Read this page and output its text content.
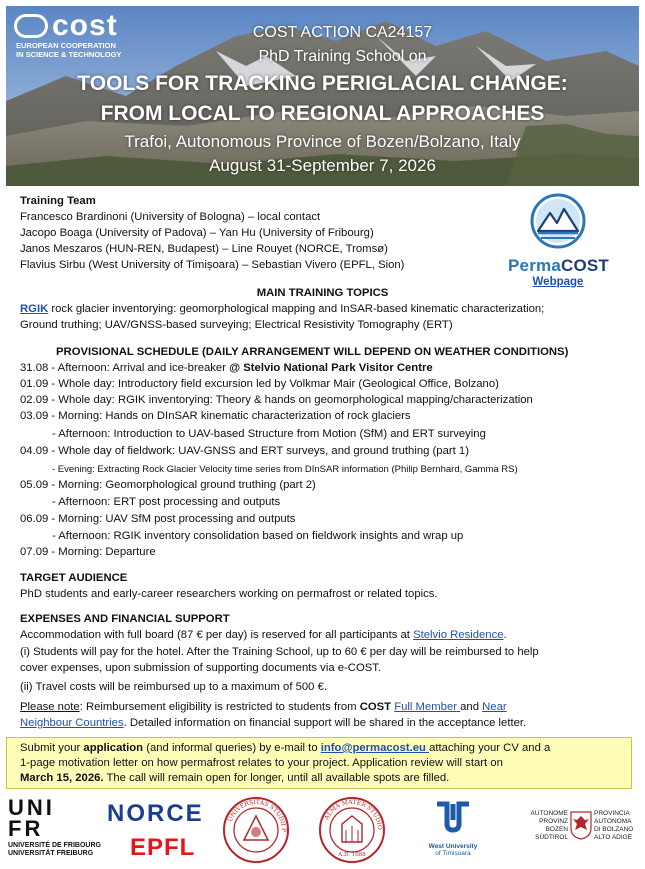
cost
EUROPEAN COOPERATION
IN SCIENCE & TECHNOLOGY
COST ACTION CA24157
PhD Training School on
TOOLS FOR TRACKING PERIGLACIAL CHANGE:
FROM LOCAL TO REGIONAL APPROACHES
Trafoi, Autonomous Province of Bozen/Bolzano, Italy
August 31-September 7, 2026
Training Team
Francesco Brardinoni (University of Bologna) – local contact
Jacopo Boaga (University of Padova) – Yan Hu (University of Fribourg)
Janos Meszaros (HUN-REN, Budapest) – Line Rouyet (NORCE, Tromsø)
Flavius Sirbu (West University of Timișoara) – Sebastian Vivero (EPFL, Sion)	PermaCOST
Webpage
MAIN TRAINING TOPICS
RGIK rock glacier inventorying: geomorphological mapping and InSAR-based kinematic characterization;
Ground truthing; UAV/GNSS-based surveying; Electrical Resistivity Tomography (ERT)
PROVISIONAL SCHEDULE (DAILY ARRANGEMENT WILL DEPEND ON WEATHER CONDITIONS)
31.08 - Afternoon: Arrival and ice-breaker @ Stelvio National Park Visitor Centre
01.09 - Whole day: Introductory field excursion led by Volkmar Mair (Geological Office, Bolzano)
02.09 - Whole day: RGIK inventorying: Theory & hands on geomorphological mapping/characterization
03.09 - Morning: Hands on DInSAR kinematic characterization of rock glaciers
- Afternoon: Introduction to UAV-based Structure from Motion (SfM) and ERT surveying
04.09 - Whole day of fieldwork: UAV-GNSS and ERT surveys, and ground truthing (part 1)
- Evening: Extracting Rock Glacier Velocity time series from DInSAR information (Philip Bernhard, Gamma RS)
05.09 - Morning: Geomorphological ground truthing (part 2)
- Afternoon: ERT post processing and outputs
06.09 - Morning: UAV SfM post processing and outputs
- Afternoon: RGIK inventory consolidation based on fieldwork insights and wrap up
07.09 - Morning: Departure
TARGET AUDIENCE
PhD students and early-career researchers working on permafrost or related topics.
EXPENSES AND FINANCIAL SUPPORT
Accommodation with full board (87 € per day) is reserved for all participants at Stelvio Residence.
(i) Students will pay for the hotel. After the Training School, up to 60 € per day will be reimbursed to help
cover expenses, upon submission of supporting documents via e-COST.
(ii) Travel costs will be reimbursed up to a maximum of 500 €.
Please note: Reimbursement eligibility is restricted to students from COST Full Member and Near
Neighbour Countries. Detailed information on financial support will be shared in the acceptance letter.
Submit your application (and informal queries) by e-mail to info@permacost.eu attaching your CV and a
1-page motivation letter on how permafrost relates to your project. Application review will start on
March 15, 2026. The call will remain open for longer, until all available spots are filled.
UNI
FR
UNIVERSITÉ DE FRIBOURG
UNIVERSITÄT FREIBURG
NORCE
EPFL
UNIVERSITAS STUDII P
ALMA MATER STUDIO
A.D. 1088
West University
of Timișoara
AUTONOME
PROVINZ
BOZEN
SÜDTIROL
PROVINCIA
AUTONOMA
DI BOLZANO
ALTO ADIGE
